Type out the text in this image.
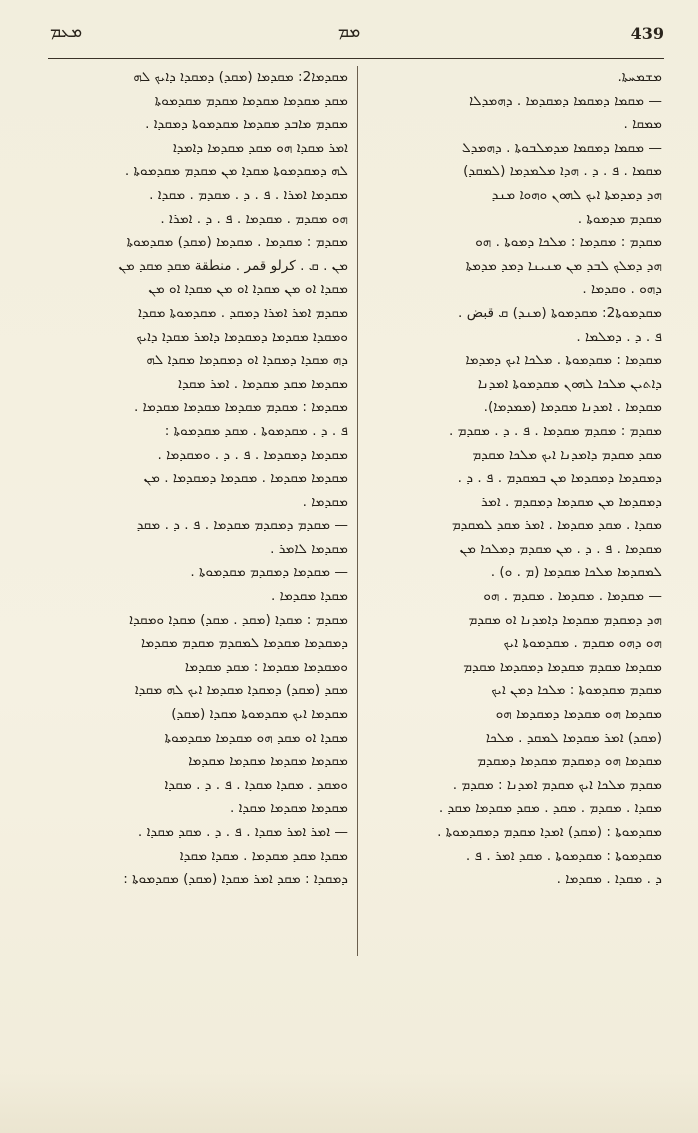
ܡܥܡ	ܡܡ	439
ܡܫܡܚܬܐ.
— ܡܩܡܐ ܕܡܩܡܐ ܕܡܩܕܡܐ . ܕܗܡܕܠܐ
ܡܡܩܐ .
— ܡܩܡܐ ܕܡܩܡܐ ܡܕܡܠܒܘܬܐ . ܕܗܡܕܠ
ܡܩܡܐ . ܦ . ܕ . ܗܕܐ ܡܠܡܕܡܐ (ܠܡܩܕ)
ܗܕ ܕܡܕܡܬܐ ܐܝܟ ܠܗܘܢ ܘܗܘܐ ܡܢܕ
ܡܩܕܡ ܡܕܡܘܬܐ .
ܡܩܕܡ : ܡܩܕܡܐ : ܡܠܟܐ ܕܡܘܬܐ . ܗܘ
ܗܕ ܕܡܠܟ ܠܒܕ ܡܢ ܡܢܝܢܐ ܕܡܕ ܡܕܡܬܐ
ܕܗܘ . ܘܩܕܡܐ .
ܡܩܕܡܘܬܐ2: ܡܩܕܡܘܬܐ (ܡܢܕ) ܩ قبض .
ܦ . ܕ . ܕܡܠܡܐ .
ܡܩܕܡܐ : ܡܩܕܡܘܬܐ . ܡܠܟܐ ܐܝܟ ܕܡܕܡܐ
ܕܐܬܝܢ ܡܠܟܐ ܠܗܘܢ ܡܩܕܡܘܬܐ ܐܡܕܢܐ
ܡܩܕܡܐ . ܐܡܕܢܐ ܡܩܕܡܐ (ܡܡܕܡܐ).
ܡܩܕܡ : ܡܩܕܡ ܡܩܕܡܐ . ܦ . ܕ . ܡܩܕܡ .
ܡܩܕ ܡܩܕܡ ܕܐܡܕܢܐ ܐܝܟ ܡܠܟܐ ܡܩܕܡ
ܕܡܩܕܡܐ ܕܡܩܕܡܐ ܡܢ ܒܡܩܕܡ . ܦ . ܕ .
ܕܡܩܕܡܐ ܡܢ ܡܩܕܡܐ ܕܡܩܕܡ . ܐܡܪ
ܡܩܕܐ . ܡܩܕ ܡܩܕܡܐ . ܐܡܪ ܡܩܕ ܠܡܩܕܡ
ܡܩܕܡܐ . ܦ . ܕ . ܡܢ ܡܩܕܡ ܕܡܠܟܐ ܡܢ
ܠܡܩܕܡܐ ܡܠܟܐ ܡܩܕܡܐ (ܡ . ܘ) .
— ܡܩܕܡܐ . ܡܩܕܡܐ . ܡܩܕܡ . ܗܘ
ܗܕ ܕܡܩܕܡ ܡܩܕܡܐ ܕܐܡܕܢܐ ܐܘ ܡܩܕܡ
ܗܘ ܕܗܘ ܡܩܕܡ . ܡܩܕܡܘܬܐ ܐܝܟ
ܡܩܕܡܐ ܡܩܕܡ ܡܩܕܡܐ ܕܡܩܕܡܐ ܡܩܕܡ
ܡܩܕܡ ܡܩܕܡܘܬܐ : ܡܠܟܐ ܕܡܢ ܐܝܟ
ܡܩܕܡܐ ܗܘ ܡܩܕܡܐ ܕܡܩܕܡܐ ܗܘ
(ܡܩܕ) ܐܡܪ ܡܩܕܡܐ ܠܡܩܕ . ܡܠܟܐ
ܡܩܕܡܐ ܗܘ ܕܡܩܕܡ ܡܩܕܡܐ ܕܡܩܕܡ
ܡܩܕܡ ܡܠܟܐ ܐܝܟ ܡܩܕܡ ܐܡܕܢܐ : ܡܩܕܡ .
ܡܩܕܐ . ܡܩܕܡ . ܡܩܕ . ܡܩܕ ܡܩܕܡܐ ܡܩܕ .
ܡܩܕܡܘܬܐ : (ܡܩܕ) ܐܡܕܐ ܡܩܕܡ ܕܡܩܕܡܘܬܐ .
ܡܩܕܡܘܬܐ : ܡܩܕܡܘܬܐ . ܡܩܕ ܐܡܪ . ܦ .
ܕ . ܡܩܕܐ . ܡܩܕܡܐ .
ܡܩܕܡܐ2: ܡܩܕܡܐ (ܡܩܕ) ܕܡܩܕܐ ܕܐܝܟ ܠܗ
ܡܩܕ ܡܩܕܡܐ ܡܩܕܡܐ ܡܩܕܡ ܡܩܕܡܘܬܐ
ܡܩܕܡ ܡܐܒܕ ܡܩܕܡܐ ܡܩܕܡܘܬܐ ܕܡܩܕܐ .
ܐܡܪ ܡܩܕܐ ܗܘ ܡܩܕ ܡܩܕܡܐ ܕܐܡܕܐ
ܠܗ ܕܡܩܕܡܘܬܐ ܡܩܕܐ ܡܢ ܡܩܕܡ ܡܩܕܡܘܬܐ .
ܡܩܕܡܐ ܐܡܪܐ . ܦ . ܕ . ܡܩܕܡ . ܡܩܕܐ .
ܗܘ ܡܩܕܡ . ܡܩܕܡܐ . ܦ . ܕ . ܐܡܪܐ .
ܡܩܕܡ : ܡܩܕܡܐ . ܡܩܕܡܐ (ܡܩܕ) ܡܩܕܡܘܬܐ
ܡܢ . ܩ . کرلو قمر . منطقة ܡܩܕ ܡܩܕ ܡܢ
ܡܩܕܐ ܐܘ ܡܢ ܡܩܕܐ ܐܘ ܡܢ ܡܩܕܐ ܐܘ ܡܢ
ܡܩܕܡ ܐܡܪ ܐܡܪܐ ܕܡܩܕ . ܡܩܕܡܘܬܐ ܡܩܕܐ
ܘܡܩܕܐ ܡܩܕܡܐ ܕܡܩܕܡܐ ܕܐܡܪ ܡܩܕܐ ܕܐܝܟ
ܕܗ ܡܩܕܐ ܕܡܩܕܐ ܐܘ ܕܡܩܕܡܐ ܡܩܕܐ ܠܗ
ܡܩܕܡܐ ܡܩܕ ܡܩܕܡܐ . ܐܡܪ ܡܩܕܐ
ܡܩܕܡܐ : ܡܩܕܡ ܡܩܕܡܐ ܡܩܕܡܐ ܡܩܕܡܐ .
ܦ . ܕ . ܡܩܕܡܘܬܐ . ܡܩܕ ܡܩܕܡܘܬܐ :
ܡܩܕܡܐ ܕܡܩܕܡܐ . ܦ . ܕ . ܘܡܩܕܡܐ .
ܡܩܕܡܐ ܡܩܕܡܐ . ܡܩܕܡܐ ܕܡܩܕܡܐ . ܡܢ
ܡܩܕܡܐ .
— ܡܩܕܡ ܕܡܩܕܡ ܡܩܕܡܐ . ܦ . ܕ . ܡܩܕ
ܡܩܕܡܐ ܠܐܡܪ .
— ܡܩܕܡܐ ܕܡܩܕܡ ܡܩܕܡܘܬܐ .
ܡܩܕܐ ܡܩܕܡܐ .
ܡܩܕܡ : ܡܩܕܐ (ܡܩܕ . ܡܩܕ) ܡܩܕܐ ܘܡܩܕܐ
ܕܡܩܕܡܐ ܡܩܕܡܐ ܠܡܩܕܡ ܡܩܕܡ ܡܩܕܡܐ
ܘܡܩܕܡܐ ܡܩܕܡܐ : ܡܩܕ ܡܩܕܡܐ
ܡܩܕ (ܡܩܕ) ܕܡܩܕܐ ܡܩܕܡܐ ܐܝܟ ܠܗ ܡܩܕܐ
ܡܩܕܡܐ ܐܝܟ ܡܩܕܡܘܬܐ ܡܩܕܐ (ܡܩܕ)
ܡܩܕܐ ܐܘ ܡܩܕ ܗܘ ܡܩܕܡܐ ܡܩܕܡܘܬܐ
ܡܩܕܡܐ ܡܩܕܡܐ ܡܩܕܡܐ ܡܩܕܡܐ
ܘܡܩܕ . ܡܩܕܐ ܡܩܕܐ . ܦ . ܕ . ܡܩܕܐ
ܡܩܕܡܐ ܡܩܕܡܐ ܡܩܕܐ .
— ܐܡܪ ܐܡܪ ܡܩܕܐ . ܦ . ܕ . ܡܩܕ ܡܩܕܐ .
ܡܩܕܐ ܡܩܕ ܡܩܕܡܐ . ܡܩܕܐ ܡܩܕܐ
ܕܡܩܕܐ : ܡܩܕ ܐܡܪ ܡܩܕܐ (ܡܩܕ) ܡܩܕܡܘܬܐ :
